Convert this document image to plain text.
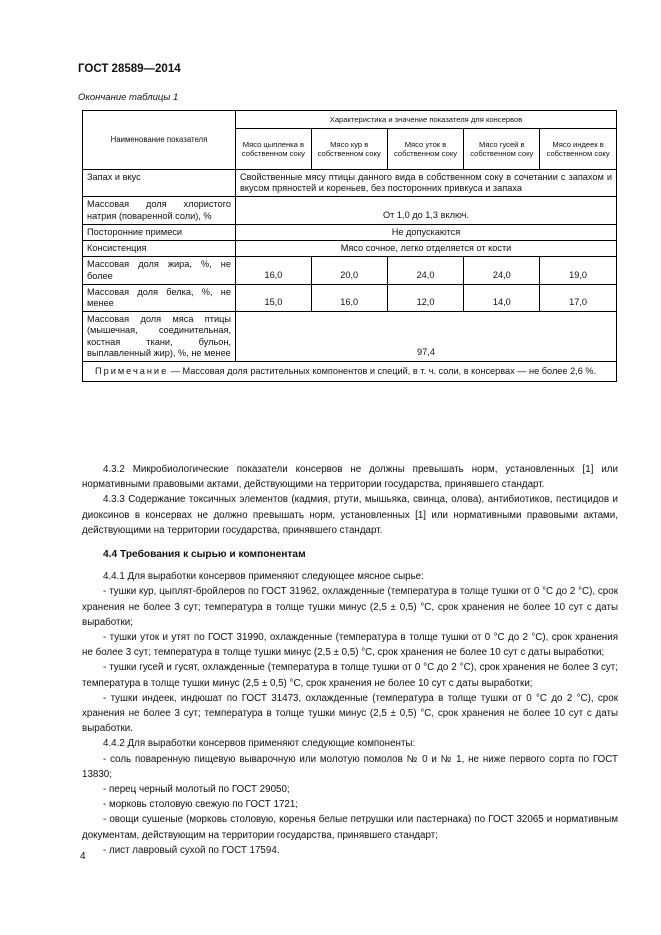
ГОСТ 28589—2014
Окончание таблицы 1
Наименование показателя	Характеристика и значение показателя для консервов				
	Мясо цыпленка в собственном соку	Мясо кур в собственном соку	Мясо уток в собственном соку	Мясо гусей в собственном соку	Мясо индеек в собственном соку
Запах и вкус	Свойственные мясу птицы данного вида в собственном соку в сочетании с запахом и вкусом пряностей и кореньев, без посторонних привкуса и запаха				
Массовая доля хлористого натрия (поваренной соли), %	От 1,0 до 1,3 включ.				
Посторонние примеси	Не допускаются				
Консистенция	Мясо сочное, легко отделяется от кости				
Массовая доля жира, %, не более	16,0	20,0	24,0	24,0	19,0
Массовая доля белка, %, не менее	15,0	16,0	12,0	14,0	17,0
Массовая доля мяса птицы (мышечная, соединительная, костная ткани, бульон, выплавленный жир), %, не менее	97,4				
Примечание — Массовая доля растительных компонентов и специй, в т. ч. соли, в консервах — не более 2,6 %.					

4.3.2 Микробиологические показатели консервов не должны превышать норм, установленных [1] или нормативными правовыми актами, действующими на территории государства, принявшего стандарт.

4.3.3 Содержание токсичных элементов (кадмия, ртути, мышьяка, свинца, олова), антибиотиков, пестицидов и диоксинов в консервах не должно превышать норм, установленных [1] или нормативными правовыми актами, действующими на территории государства, принявшего стандарт.

4.4 Требования к сырью и компонентам

4.4.1 Для выработки консервов применяют следующее мясное сырье:

- тушки кур, цыплят-бройлеров по ГОСТ 31962, охлажденные (температура в толще тушки от 0 °С до 2 °С), срок хранения не более 3 сут; температура в толще тушки минус (2,5 ± 0,5) °С, срок хранения не более 10 сут с даты выработки;

- тушки уток и утят по ГОСТ 31990, охлажденные (температура в толще тушки от 0 °С до 2 °С), срок хранения не более 3 сут; температура в толще тушки минус (2,5 ± 0,5) °С, срок хранения не более 10 сут с даты выработки;

- тушки гусей и гусят, охлажденные (температура в толще тушки от 0 °С до 2 °С), срок хранения не более 3 сут; температура в толще тушки минус (2,5 ± 0,5) °С, срок хранения не более 10 сут с даты выработки;

- тушки индеек, индюшат по ГОСТ 31473, охлажденные (температура в толще тушки от 0 °С до 2 °С), срок хранения не более 3 сут; температура в толще тушки минус (2,5 ± 0,5) °С, срок хранения не более 10 сут с даты выработки.

4.4.2 Для выработки консервов применяют следующие компоненты:

- соль поваренную пищевую выварочную или молотую помолов № 0 и № 1, не ниже первого сорта по ГОСТ 13830;

- перец черный молотый по ГОСТ 29050;

- морковь столовую свежую по ГОСТ 1721;

- овощи сушеные (морковь столовую, коренья белые петрушки или пастернака) по ГОСТ 32065 и нормативным документам, действующим на территории государства, принявшего стандарт;

- лист лавровый сухой по ГОСТ 17594.

4
